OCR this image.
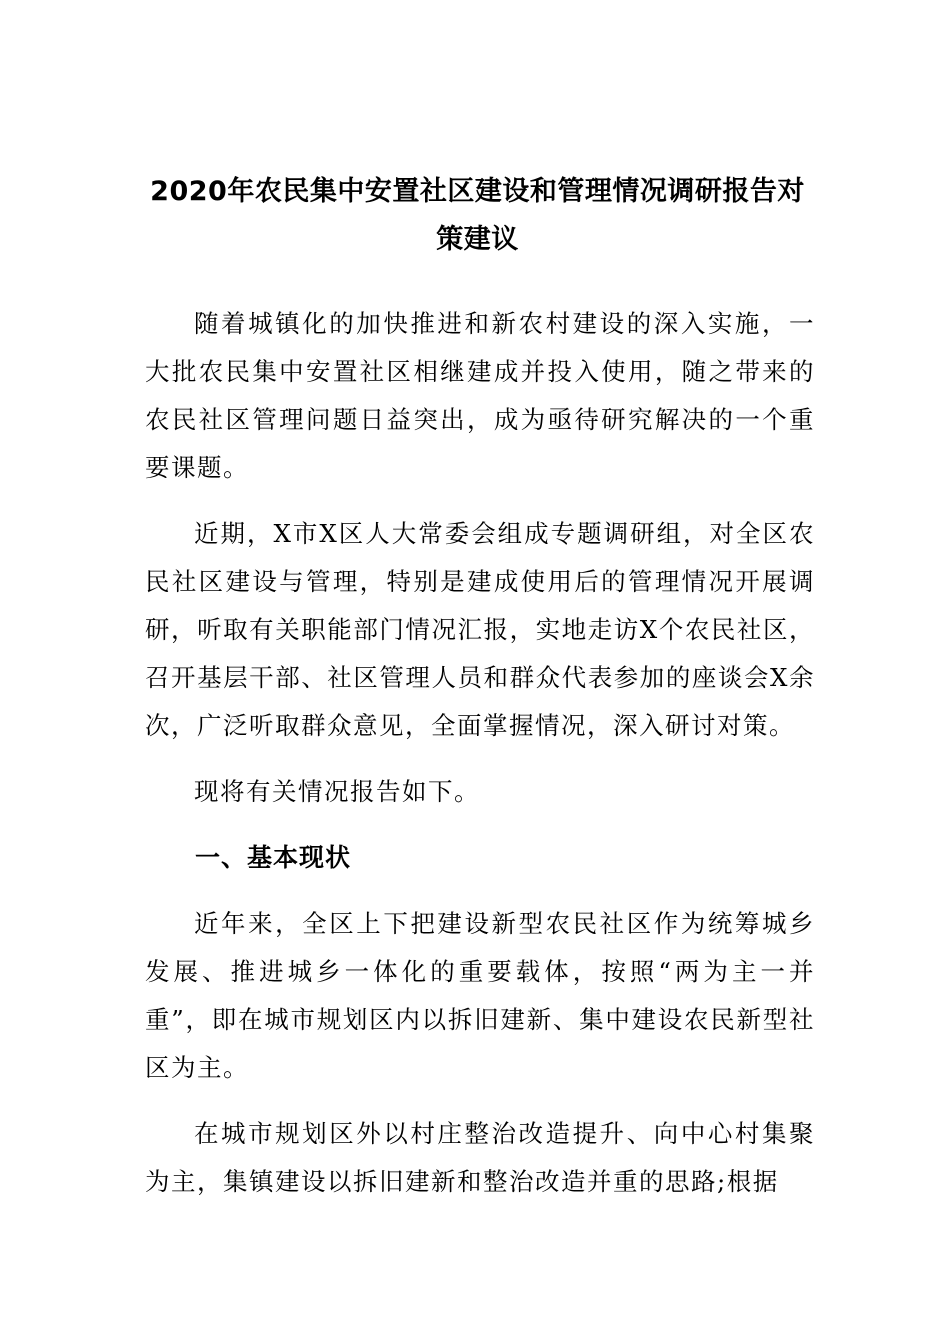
2020年农民集中安置社区建设和管理情况调研报告对策建议

随着城镇化的加快推进和新农村建设的深入实施，一大批农民集中安置社区相继建成并投入使用，随之带来的农民社区管理问题日益突出，成为亟待研究解决的一个重要课题。

近期，X市X区人大常委会组成专题调研组，对全区农民社区建设与管理，特别是建成使用后的管理情况开展调研，听取有关职能部门情况汇报，实地走访X个农民社区，召开基层干部、社区管理人员和群众代表参加的座谈会X余次，广泛听取群众意见，全面掌握情况，深入研讨对策。

现将有关情况报告如下。

一、基本现状

近年来，全区上下把建设新型农民社区作为统筹城乡发展、推进城乡一体化的重要载体，按照“两为主一并重”，即在城市规划区内以拆旧建新、集中建设农民新型社区为主。

在城市规划区外以村庄整治改造提升、向中心村集聚为主，集镇建设以拆旧建新和整治改造并重的思路;根据
